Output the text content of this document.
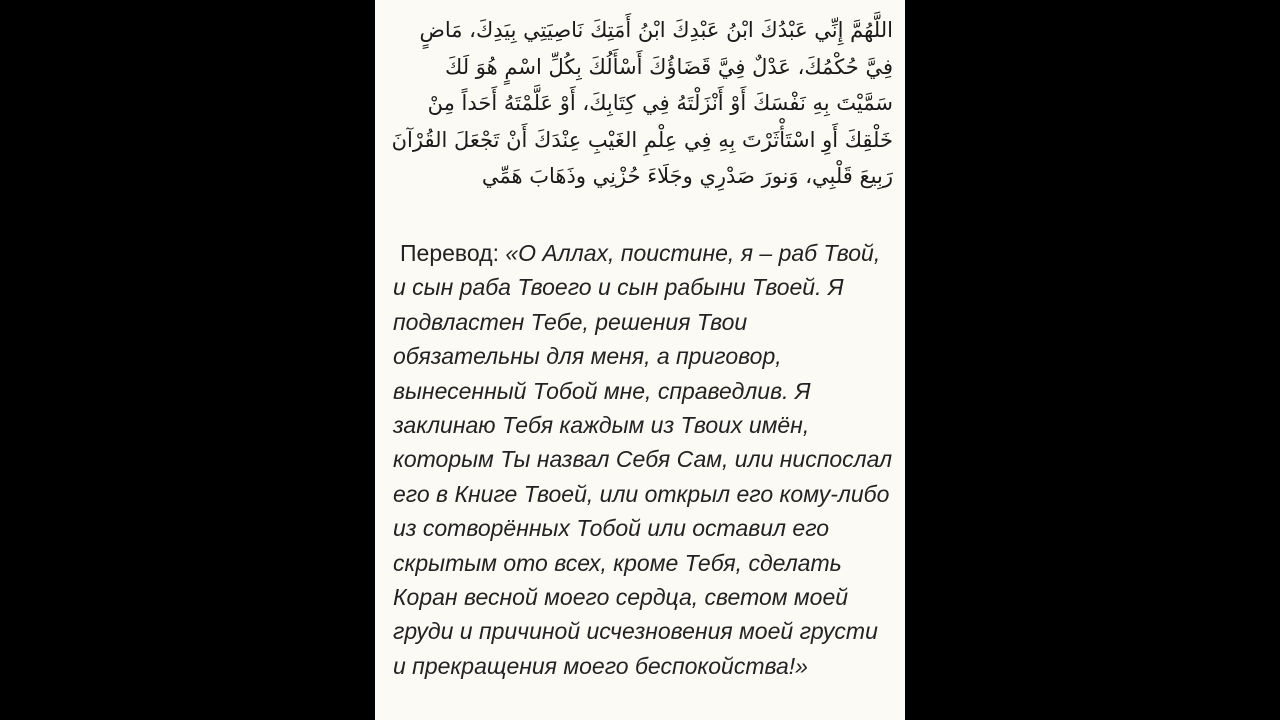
اللَّهُمَّ إِنِّي عَبْدُكَ ابْنُ عَبْدِكَ ابْنُ أَمَتِكَ نَاصِيَتِي بِيَدِكَ، مَاضٍ فِيَّ حُكْمُكَ، عَدْلٌ فِيَّ قَضَاؤُكَ أَسْأَلُكَ بِكُلِّ اسْمٍ هُوَ لَكَ سَمَّيْتَ بِهِ نَفْسَكَ أَوْ أَنْزَلْتَهُ فِي كِتَابِكَ، أَوْ عَلَّمْتَهُ أَحَداً مِنْ خَلْقِكَ أَوِ اسْتَأْثَرْتَ بِهِ فِي عِلْمِ الغَيْبِ عِنْدَكَ أَنْ تَجْعَلَ القُرْآنَ رَبِيعَ قَلْبِي، وَنورَ صَدْرِي وجَلَاءَ حُزْنِي وذَهَابَ هَمِّي

Перевод: «О Аллах, поистине, я – раб Твой, и сын раба Твоего и сын рабыни Твоей. Я подвластен Тебе, решения Твои обязательны для меня, а приговор, вынесенный Тобой мне, справедлив. Я заклинаю Тебя каждым из Твоих имён, которым Ты назвал Себя Сам, или ниспослал его в Книге Твоей, или открыл его кому-либо из сотворённых Тобой или оставил его скрытым ото всех, кроме Тебя, сделать Коран весной моего сердца, светом моей груди и причиной исчезновения моей грусти и прекращения моего беспокойства!»
